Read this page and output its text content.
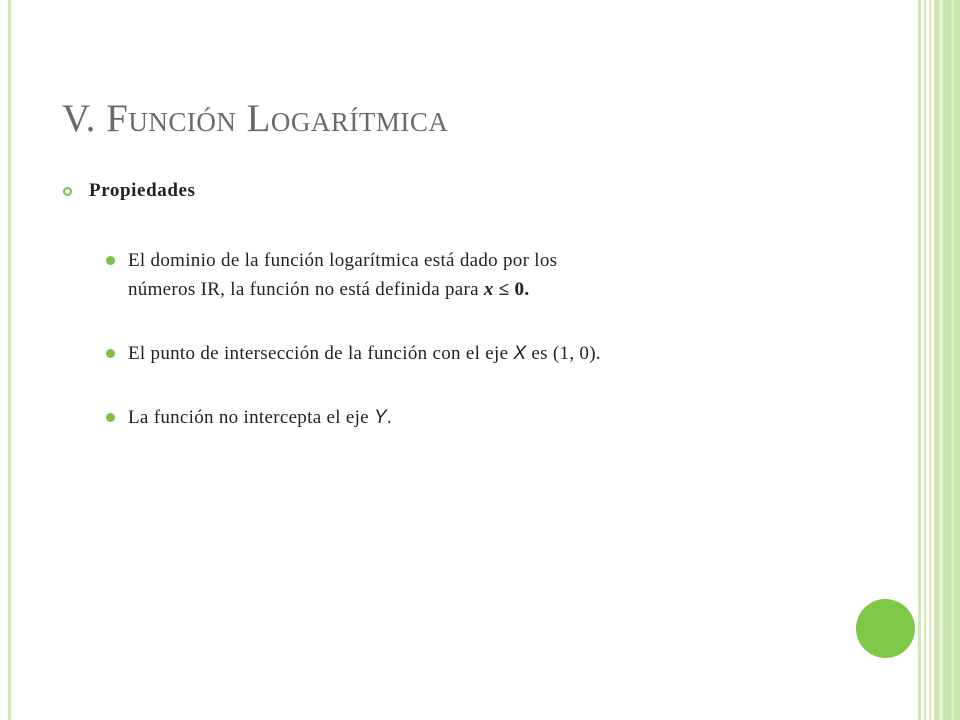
V. Función Logarítmica
Propiedades
El dominio de la función logarítmica está dado por los
números IR, la función no está definida para x ≤ 0.
El punto de intersección de la función con el eje X es (1, 0).
La función no intercepta el eje Y.
